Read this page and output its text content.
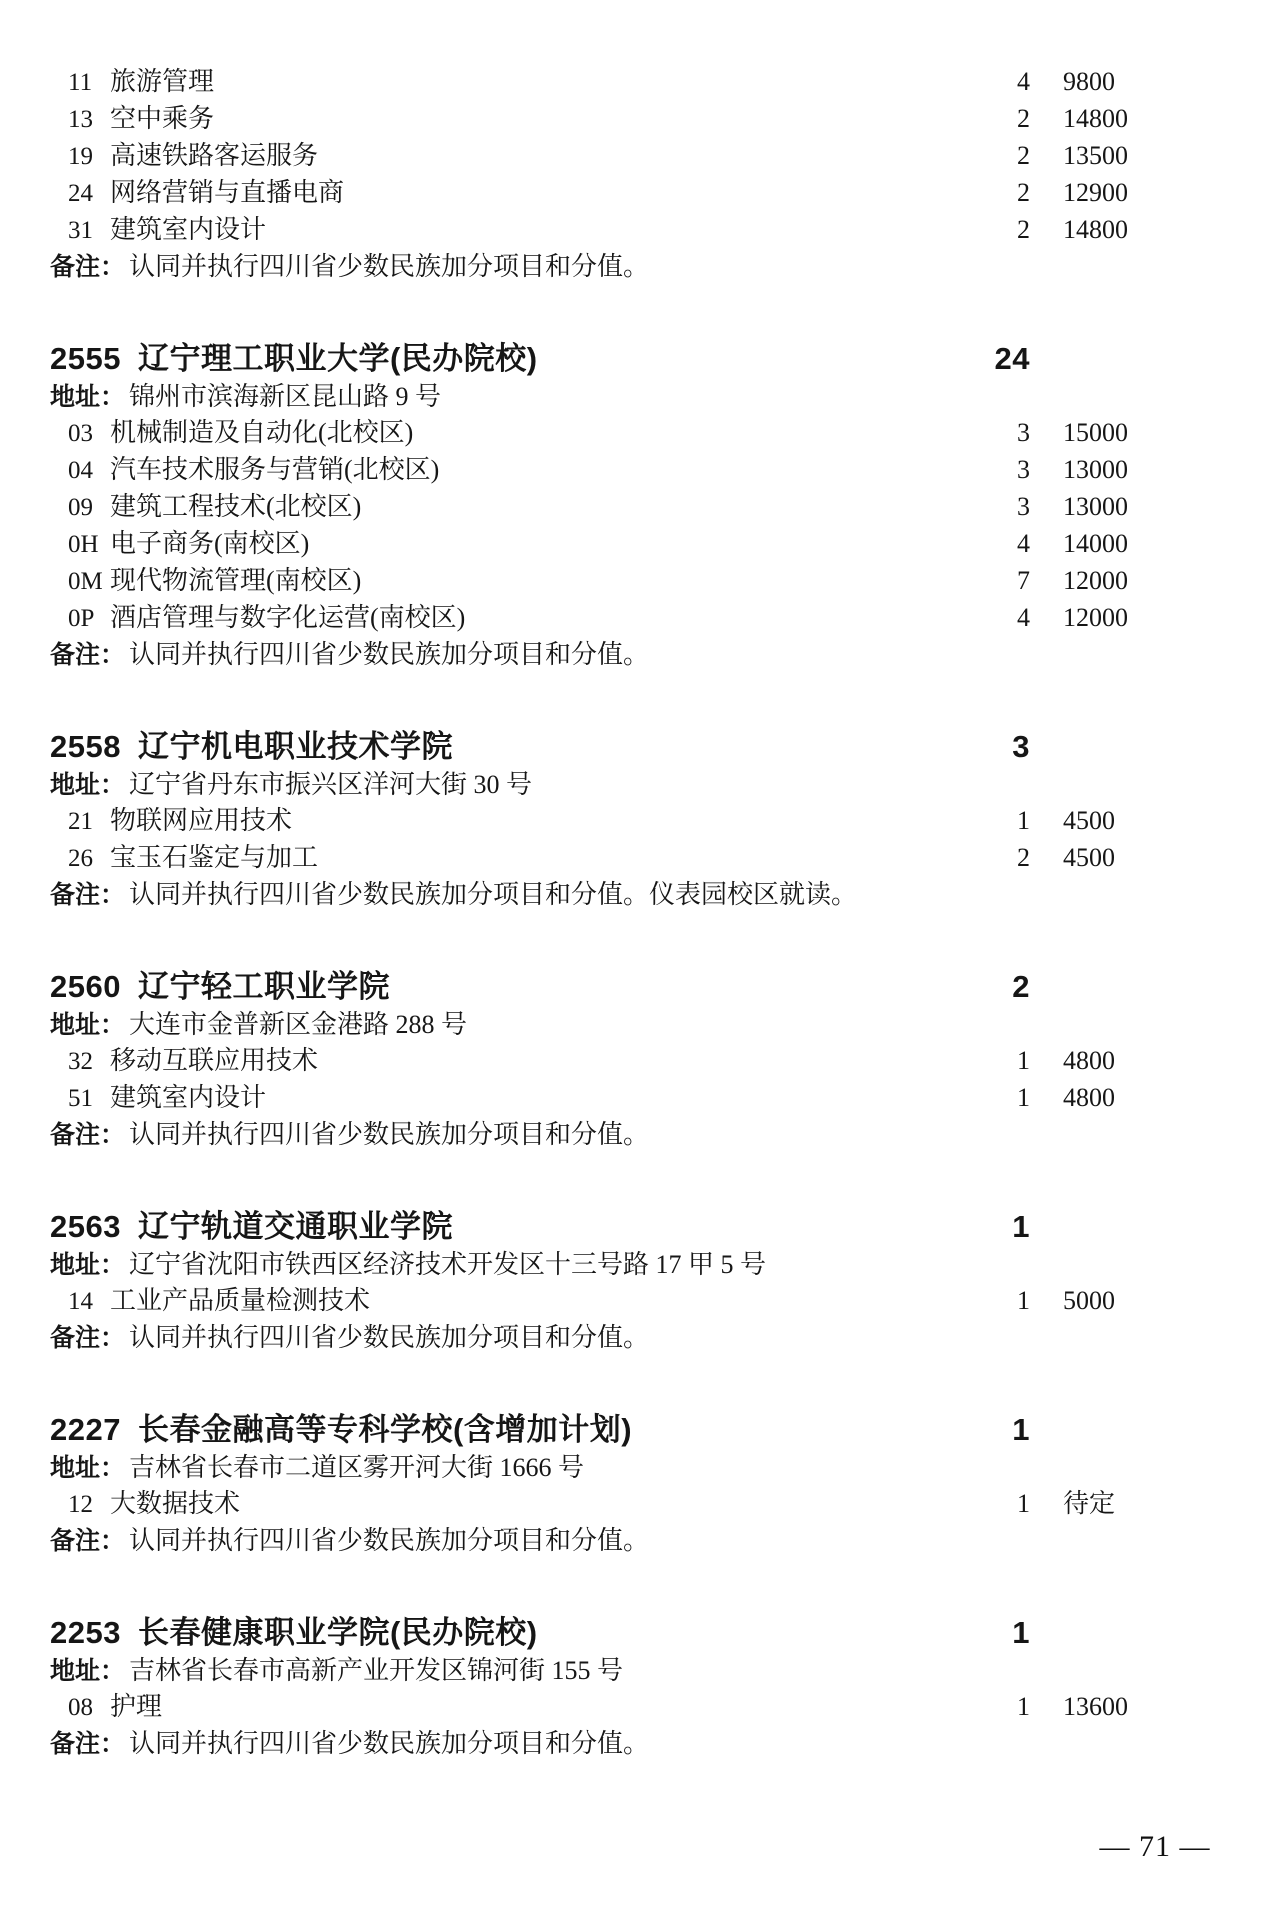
11 旅游管理	4 9800
13 空中乘务	2 14800
19 高速铁路客运服务	2 13500
24 网络营销与直播电商	2 12900
31 建筑室内设计	2 14800
备注： 认同并执行四川省少数民族加分项目和分值。
2555 辽宁理工职业大学(民办院校)	24
地址： 锦州市滨海新区昆山路 9 号
03 机械制造及自动化(北校区)	3 15000
04 汽车技术服务与营销(北校区)	3 13000
09 建筑工程技术(北校区)	3 13000
0H 电子商务(南校区)	4 14000
0M 现代物流管理(南校区)	7 12000
0P 酒店管理与数字化运营(南校区)	4 12000
备注： 认同并执行四川省少数民族加分项目和分值。
2558 辽宁机电职业技术学院	3
地址： 辽宁省丹东市振兴区洋河大街 30 号
21 物联网应用技术	1 4500
26 宝玉石鉴定与加工	2 4500
备注： 认同并执行四川省少数民族加分项目和分值。仪表园校区就读。
2560 辽宁轻工职业学院	2
地址： 大连市金普新区金港路 288 号
32 移动互联应用技术	1 4800
51 建筑室内设计	1 4800
备注： 认同并执行四川省少数民族加分项目和分值。
2563 辽宁轨道交通职业学院	1
地址： 辽宁省沈阳市铁西区经济技术开发区十三号路 17 甲 5 号
14 工业产品质量检测技术	1 5000
备注： 认同并执行四川省少数民族加分项目和分值。
2227 长春金融高等专科学校(含增加计划)	1
地址： 吉林省长春市二道区雾开河大街 1666 号
12 大数据技术	1 待定
备注： 认同并执行四川省少数民族加分项目和分值。
2253 长春健康职业学院(民办院校)	1
地址： 吉林省长春市高新产业开发区锦河街 155 号
08 护理	1 13600
备注： 认同并执行四川省少数民族加分项目和分值。
— 71 —
